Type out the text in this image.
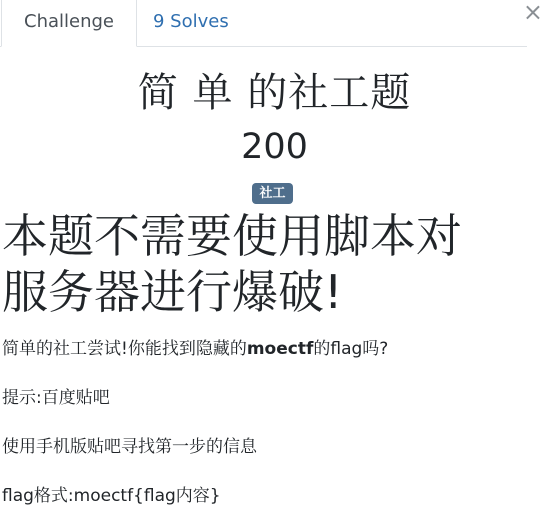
Challenge	9 Solves	×
简 单 的社工题
200
社工
本题不需要使用脚本对
服务器进行爆破!

简单的社工尝试!你能找到隐藏的moectf的flag吗?

提示:百度贴吧

使用手机版贴吧寻找第一步的信息

flag格式:moectf{flag内容}
